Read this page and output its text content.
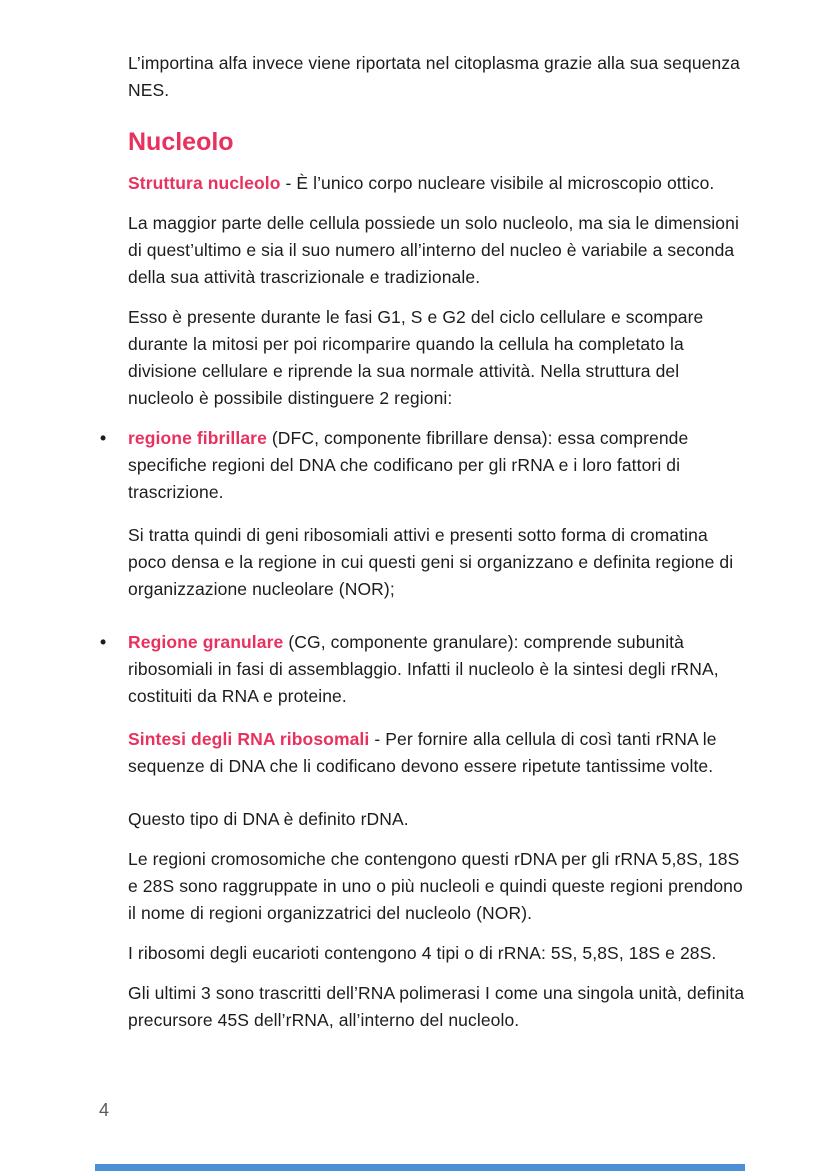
L’importina alfa invece viene riportata nel citoplasma grazie alla sua sequenza NES.

Nucleolo

Struttura nucleolo - È l’unico corpo nucleare visibile al microscopio ottico.

La maggior parte delle cellula possiede un solo nucleolo, ma sia le dimensioni di quest’ultimo e sia il suo numero all’interno del nucleo è variabile a seconda della sua attività trascrizionale e tradizionale.

Esso è presente durante le fasi G1, S e G2 del ciclo cellulare e scompare durante la mitosi per poi ricomparire quando la cellula ha completato la divisione cellulare e riprende la sua normale attività. Nella struttura del nucleolo è possibile distinguere 2 regioni:

•	regione fibrillare (DFC, componente fibrillare densa): essa comprende specifiche regioni del DNA che codificano per gli rRNA e i loro fattori di trascrizione.

Si tratta quindi di geni ribosomiali attivi e presenti sotto forma di cromatina poco densa e la regione in cui questi geni si organizzano e definita regione di organizzazione nucleolare (NOR);

•	Regione granulare (CG, componente granulare): comprende subunità ribosomiali in fasi di assemblaggio. Infatti il nucleolo è la sintesi degli rRNA, costituiti da RNA e proteine.

Sintesi degli RNA ribosomali - Per fornire alla cellula di così tanti rRNA le sequenze di DNA che li codificano devono essere ripetute tantissime volte.

Questo tipo di DNA è definito rDNA.

Le regioni cromosomiche che contengono questi rDNA per gli rRNA 5,8S, 18S e 28S sono raggruppate in uno o più nucleoli e quindi queste regioni prendono il nome di regioni organizzatrici del nucleolo (NOR).

I ribosomi degli eucarioti contengono 4 tipi o di rRNA: 5S, 5,8S, 18S e 28S.

Gli ultimi 3 sono trascritti dell’RNA polimerasi I come una singola unità, definita precursore 45S dell’rRNA, all’interno del nucleolo.

4
